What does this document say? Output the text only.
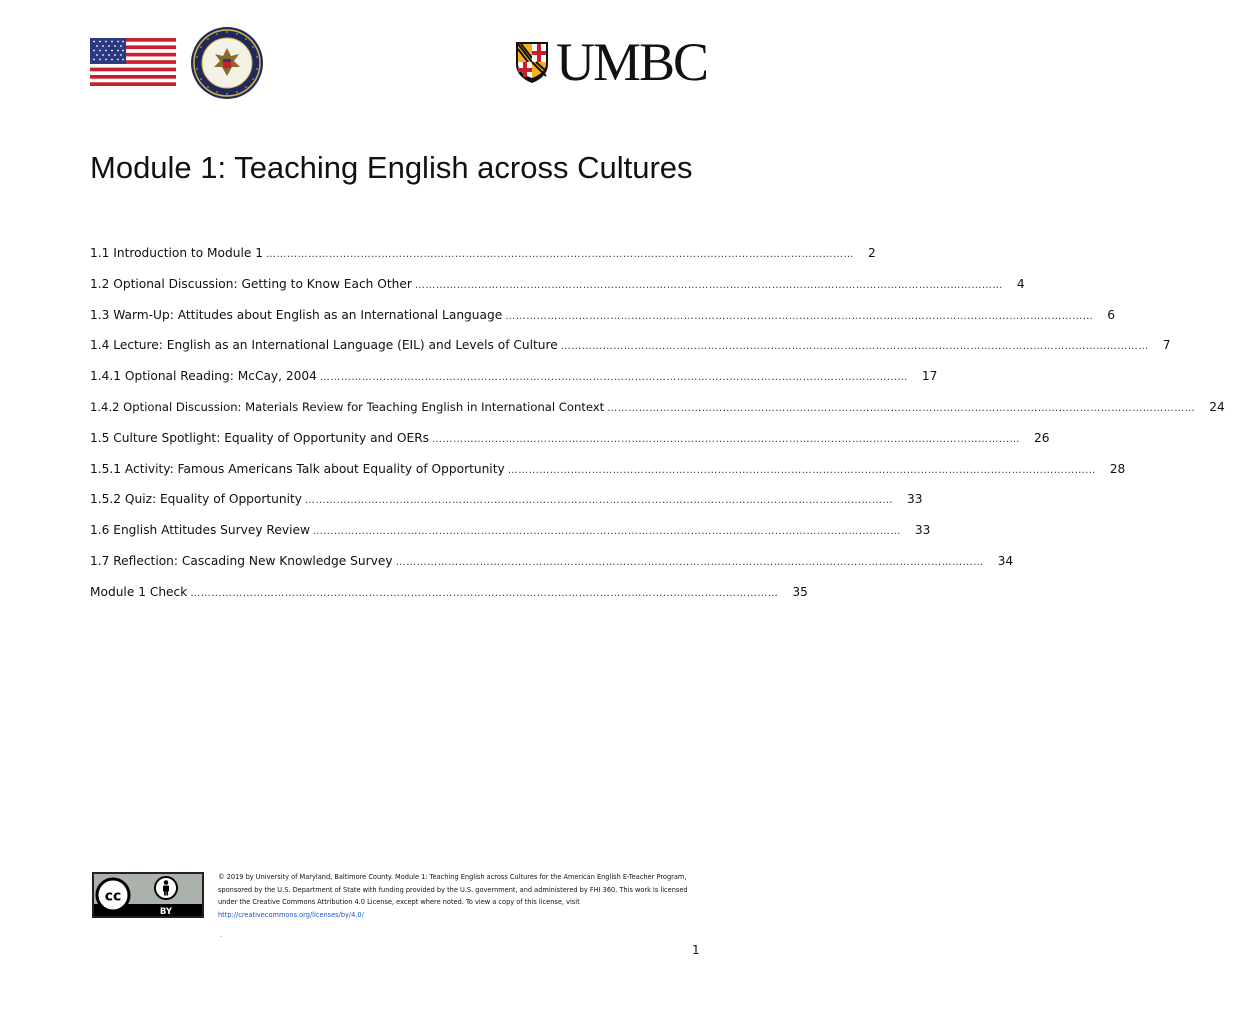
UMBC
Module 1: Teaching English across Cultures
1.1 Introduction to Module 1 ……………………………………………………………………………………………………………………………………………………	2
1.2 Optional Discussion: Getting to Know Each Other ……………………………………………………………………………………………………………………………………………………	4
1.3 Warm-Up: Attitudes about English as an International Language ……………………………………………………………………………………………………………………………………………………	6
1.4 Lecture: English as an International Language (EIL) and Levels of Culture ……………………………………………………………………………………………………………………………………………………	7
1.4.1 Optional Reading: McCay, 2004 ……………………………………………………………………………………………………………………………………………………	17
1.4.2 Optional Discussion: Materials Review for Teaching English in International Context ……………………………………………………………………………………………………………………………………………………	24
1.5 Culture Spotlight: Equality of Opportunity and OERs ……………………………………………………………………………………………………………………………………………………	26
1.5.1 Activity: Famous Americans Talk about Equality of Opportunity ……………………………………………………………………………………………………………………………………………………	28
1.5.2 Quiz: Equality of Opportunity ……………………………………………………………………………………………………………………………………………………	33
1.6 English Attitudes Survey Review ……………………………………………………………………………………………………………………………………………………	33
1.7 Reflection: Cascading New Knowledge Survey ……………………………………………………………………………………………………………………………………………………	34
Module 1 Check ……………………………………………………………………………………………………………………………………………………	35
cc
BY
© 2019 by University of Maryland, Baltimore County. Module 1: Teaching English across Cultures for the American English E-Teacher Program, sponsored by the U.S. Department of State with funding provided by the U.S. government, and administered by FHI 360. This work is licensed under the Creative Commons Attribution 4.0 License, except where noted. To view a copy of this license, visit http://creativecommons.org/licenses/by/4.0/
.
1
